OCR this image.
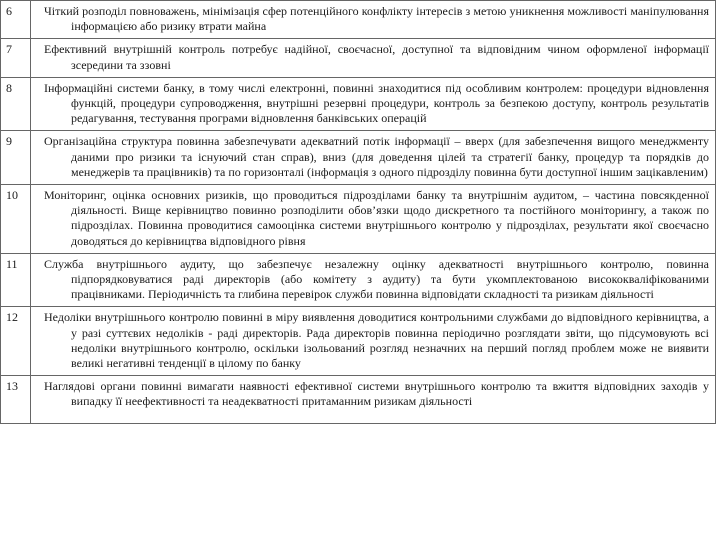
6	Чіткий розподіл повноважень, мінімізація сфер потенційного конфлікту інтересів з метою уникнення можливості маніпулювання інформацією або ризику втрати майна
7	Ефективний внутрішній контроль потребує надійної, своєчасної, доступної та відповідним чином оформленої інформації зсередини та ззовні
8	Інформаційні системи банку, в тому числі електронні, повинні знаходитися під особливим контролем: процедури відновлення функцій, процедури супроводження, внутрішні резервні процедури, контроль за безпекою доступу, контроль результатів редагування, тестування програми відновлення банківських операцій
9	Організаційна структура повинна забезпечувати адекватний потік інформації – вверх (для забезпечення вищого менеджменту даними про ризики та існуючий стан справ), вниз (для доведення цілей та стратегії банку, процедур та порядків до менеджерів та працівників) та по горизонталі (інформація з одного підрозділу повинна бути доступної іншим зацікавленим)
10	Моніторинг, оцінка основних ризиків, що проводиться підрозділами банку та внутрішнім аудитом, – частина повсякденної діяльності. Вище керівництво повинно розподілити обов’язки щодо дискретного та постійного моніторингу, а також по підрозділах. Повинна проводитися самооцінка системи внутрішнього контролю у підрозділах, результати якої своєчасно доводяться до керівництва відповідного рівня
11	Служба внутрішнього аудиту, що забезпечує незалежну оцінку адекватності внутрішнього контролю, повинна підпорядковуватися раді директорів (або комітету з аудиту) та бути укомплектованою висококваліфікованими працівниками. Періодичність та глибина перевірок служби повинна відповідати складності та ризикам діяльності
12	Недоліки внутрішнього контролю повинні в міру виявлення доводитися контрольними службами до відповідного керівництва, а у разі суттєвих недоліків - раді директорів. Рада директорів повинна періодично розглядати звіти, що підсумовують всі недоліки внутрішнього контролю, оскільки ізольований розгляд незначних на перший погляд проблем може не виявити великі негативні тенденції в цілому по банку
13	Наглядові органи повинні вимагати наявності ефективної системи внутрішнього контролю та вжиття відповідних заходів у випадку її неефективності та неадекватності притаманним ризикам діяльності
